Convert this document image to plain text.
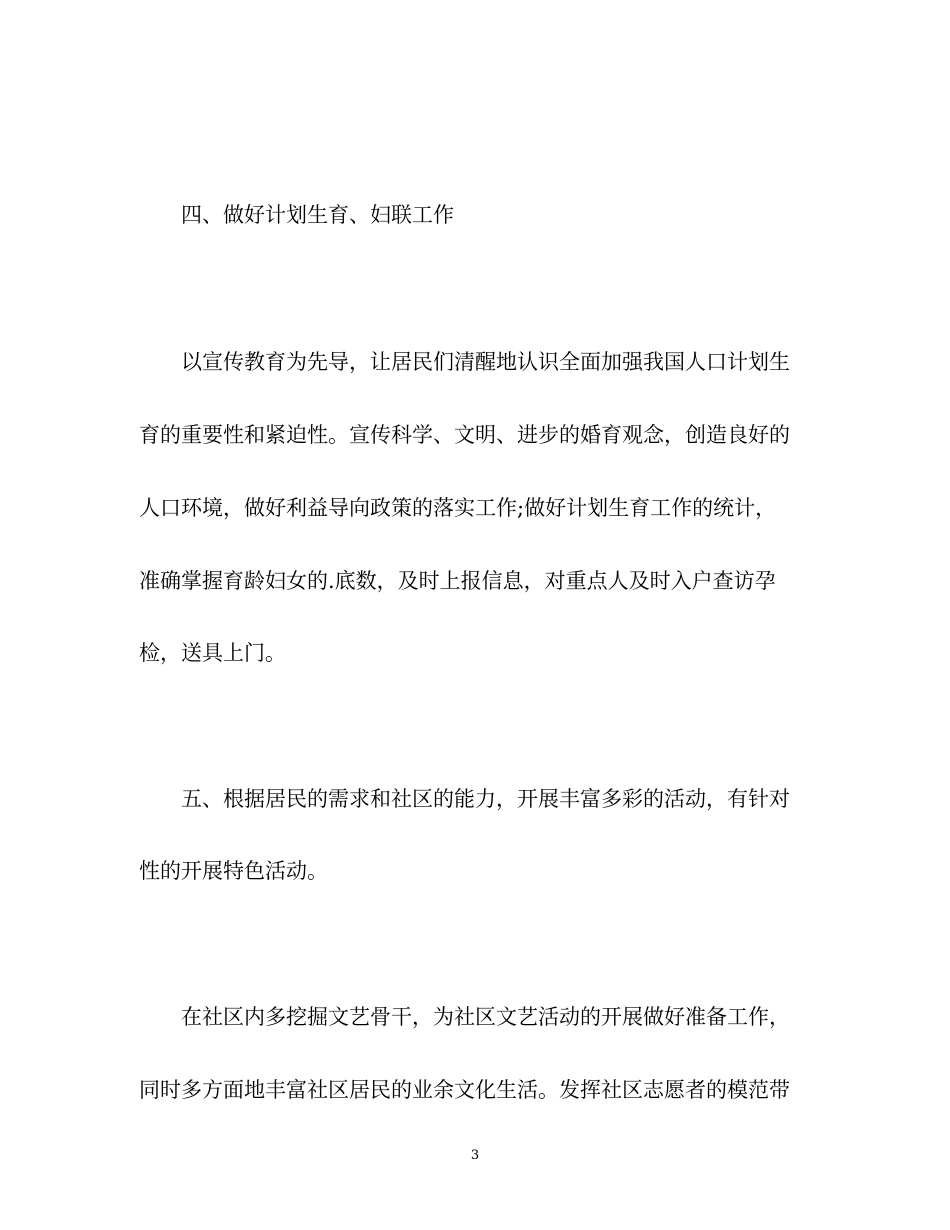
四、做好计划生育、妇联工作
以宣传教育为先导，让居民们清醒地认识全面加强我国人口计划生
育的重要性和紧迫性。宣传科学、文明、进步的婚育观念，创造良好的
人口环境，做好利益导向政策的落实工作;做好计划生育工作的统计，
准确掌握育龄妇女的.底数，及时上报信息，对重点人及时入户查访孕
检，送具上门。
五、根据居民的需求和社区的能力，开展丰富多彩的活动，有针对
性的开展特色活动。
在社区内多挖掘文艺骨干，为社区文艺活动的开展做好准备工作，
同时多方面地丰富社区居民的业余文化生活。发挥社区志愿者的模范带
3
